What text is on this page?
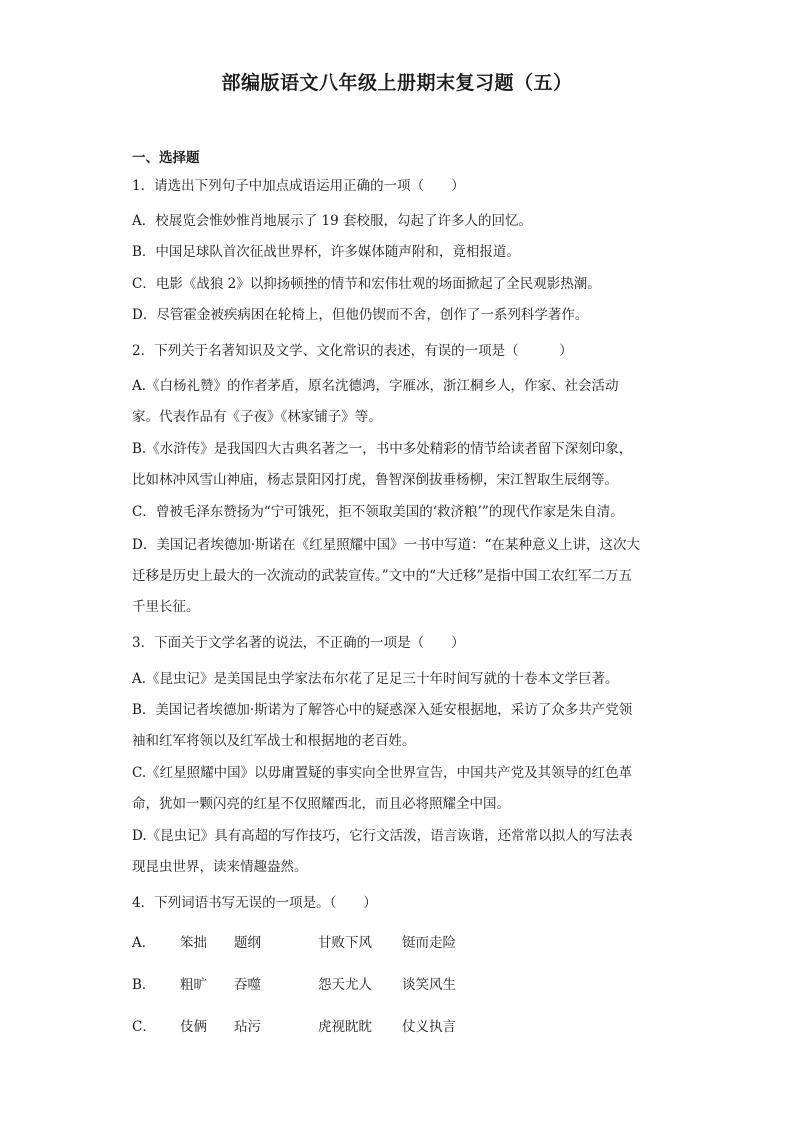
部编版语文八年级上册期末复习题（五）
一、选择题
1．请选出下列句子中加点成语运用正确的一项（　　）
A．校展览会惟妙惟肖地展示了 19 套校服，勾起了许多人的回忆。
B．中国足球队首次征战世界杯，许多媒体随声附和，竟相报道。
C．电影《战狼 2》以抑扬顿挫的情节和宏伟壮观的场面掀起了全民观影热潮。
D．尽管霍金被疾病困在轮椅上，但他仍锲而不舍，创作了一系列科学著作。
2．下列关于名著知识及文学、文化常识的表述，有误的一项是（　　　）
A.《白杨礼赞》的作者茅盾，原名沈德鸿，字雁冰，浙江桐乡人，作家、社会活动
家。代表作品有《子夜》《林家铺子》等。
B.《水浒传》是我国四大古典名著之一，书中多处精彩的情节给读者留下深刻印象，
比如林冲风雪山神庙，杨志景阳冈打虎，鲁智深倒拔垂杨柳，宋江智取生辰纲等。
C．曾被毛泽东赞扬为“宁可饿死，拒不领取美国的‘救济粮’”的现代作家是朱自清。
D．美国记者埃德加·斯诺在《红星照耀中国》一书中写道：“在某种意义上讲，这次大
迁移是历史上最大的一次流动的武装宣传。”文中的“大迁移”是指中国工农红军二万五
千里长征。
3．下面关于文学名著的说法，不正确的一项是（　　）
A.《昆虫记》是美国昆虫学家法布尔花了足足三十年时间写就的十卷本文学巨著。
B．美国记者埃德加·斯诺为了解答心中的疑惑深入延安根据地，采访了众多共产党领
袖和红军将领以及红军战士和根据地的老百姓。
C.《红星照耀中国》以毋庸置疑的事实向全世界宣告，中国共产党及其领导的红色革
命，犹如一颗闪亮的红星不仅照耀西北，而且必将照耀全中国。
D.《昆虫记》具有高超的写作技巧，它行文活泼，语言诙谐，还常常以拟人的写法表
现昆虫世界，读来情趣盎然。
4．下列词语书写无误的一项是。（　　）
A． 笨拙 题纲	甘败下风 铤而走险
B． 粗旷 吞噬	怨天尤人 谈笑风生
C． 伎俩 玷污	虎视眈眈 仗义执言
